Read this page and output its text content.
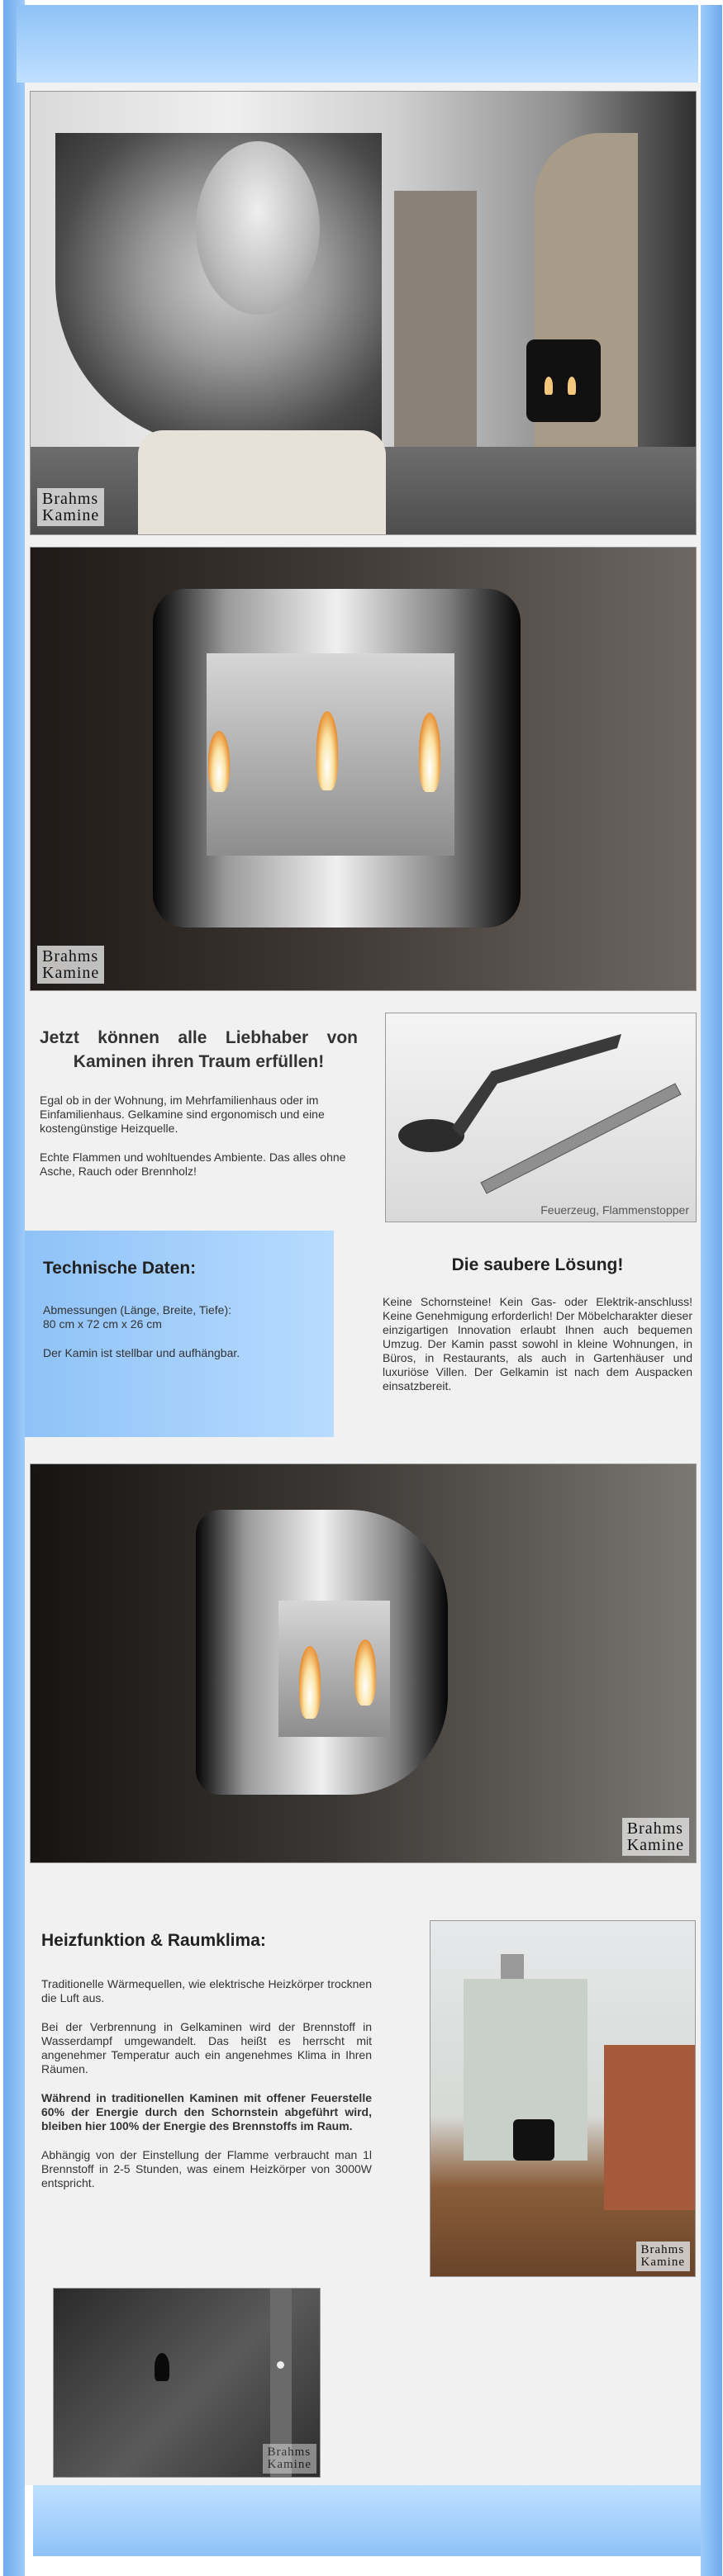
Brahms
Kamine
Brahms
Kamine
Jetzt können alle Liebhaber von Kaminen ihren Traum erfüllen!

Egal ob in der Wohnung, im Mehrfamilienhaus oder im Einfamilienhaus. Gelkamine sind ergonomisch und eine kostengünstige Heizquelle.

Echte Flammen und wohltuendes Ambiente. Das alles ohne Asche, Rauch oder Brennholz!

Feuerzeug, Flammenstopper
Technische Daten:

Abmessungen (Länge, Breite, Tiefe):

80 cm x 72 cm x 26 cm

Der Kamin ist stellbar und aufhängbar.

Die saubere Lösung!

Keine Schornsteine! Kein Gas- oder Elektrik-anschluss! Keine Genehmigung erforderlich! Der Möbelcharakter dieser einzigartigen Innovation erlaubt Ihnen auch bequemen Umzug. Der Kamin passt sowohl in kleine Wohnungen, in Büros, in Restaurants, als auch in Gartenhäuser und luxuriöse Villen. Der Gelkamin ist nach dem Auspacken einsatzbereit.

Brahms
Kamine
Heizfunktion & Raumklima:

Traditionelle Wärmequellen, wie elektrische Heizkörper trocknen die Luft aus.

Bei der Verbrennung in Gelkaminen wird der Brennstoff in Wasserdampf umgewandelt. Das heißt es herrscht mit angenehmer Temperatur auch ein angenehmes Klima in Ihren Räumen.

Während in traditionellen Kaminen mit offener Feuerstelle 60% der Energie durch den Schornstein abgeführt wird, bleiben hier 100% der Energie des Brennstoffs im Raum.

Abhängig von der Einstellung der Flamme verbraucht man 1l Brennstoff in 2-5 Stunden, was einem Heizkörper von 3000W entspricht.

Brahms
Kamine
Brahms
Kamine
